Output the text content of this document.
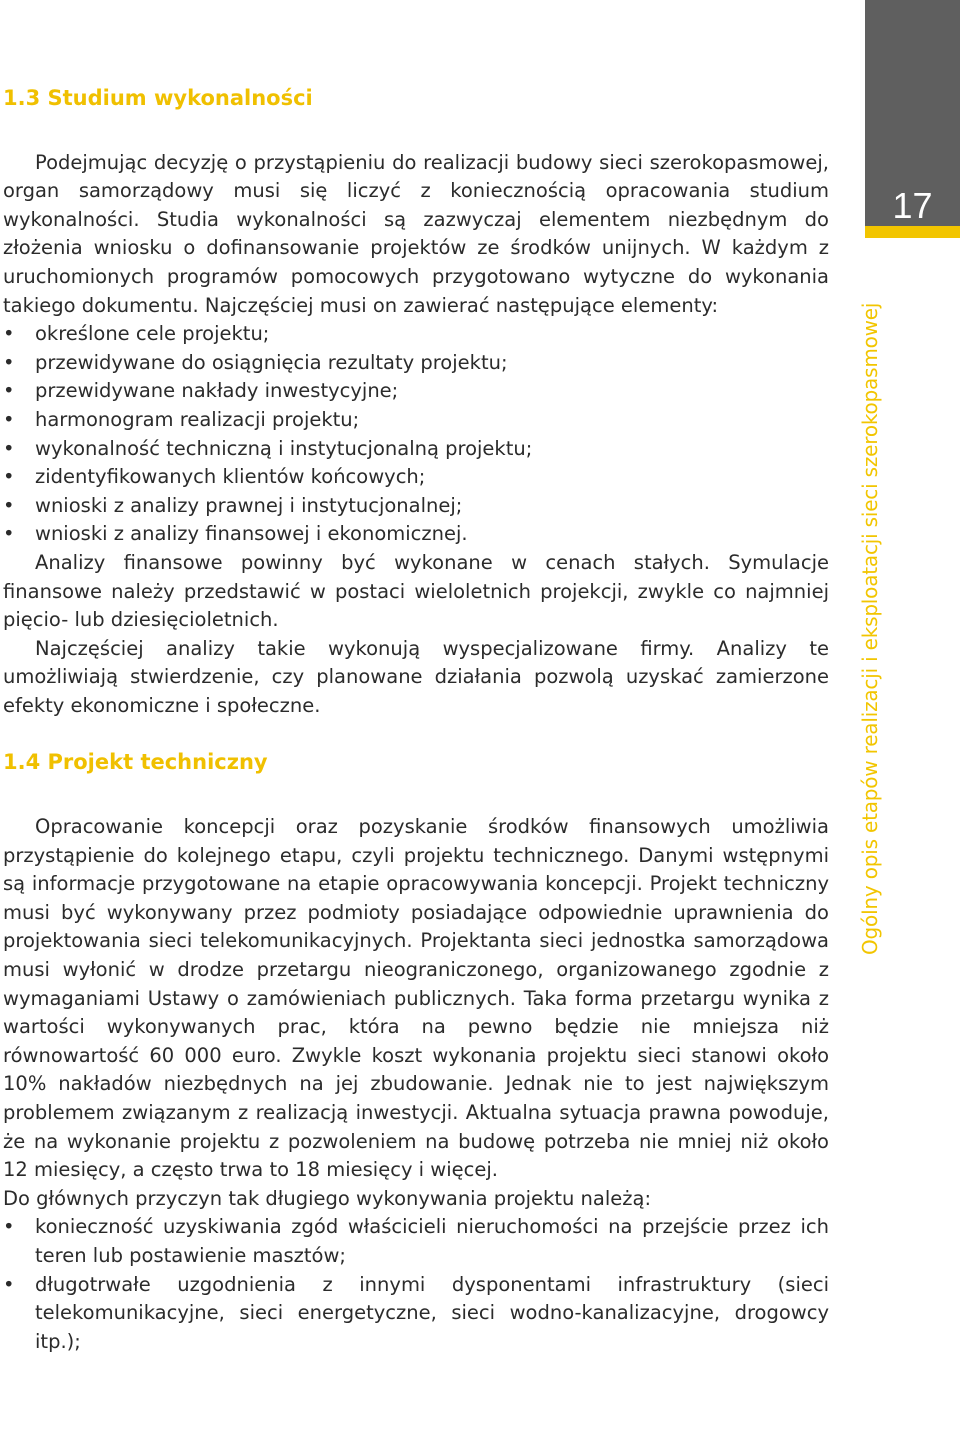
17
Ogólny opis etapów realizacji i eksploatacji sieci szerokopasmowej
1.3 Studium wykonalności

Podejmując decyzję o przystąpieniu do realizacji budowy sieci szerokopasmowej, organ samorządowy musi się liczyć z koniecznością opracowania studium wykonalności. Studia wykonalności są zazwyczaj elementem niezbędnym do złożenia wniosku o dofinansowanie projektów ze środków unijnych. W każdym z uruchomionych programów pomocowych przygotowano wytyczne do wykonania takiego dokumentu. Najczęściej musi on zawierać następujące elementy:

• określone cele projektu;
• przewidywane do osiągnięcia rezultaty projektu;
• przewidywane nakłady inwestycyjne;
• harmonogram realizacji projektu;
• wykonalność techniczną i instytucjonalną projektu;
• zidentyfikowanych klientów końcowych;
• wnioski z analizy prawnej i instytucjonalnej;
• wnioski z analizy finansowej i ekonomicznej.

Analizy finansowe powinny być wykonane w cenach stałych. Symulacje finansowe należy przedstawić w postaci wieloletnich projekcji, zwykle co najmniej pięcio- lub dziesięcioletnich.

Najczęściej analizy takie wykonują wyspecjalizowane firmy. Analizy te umożliwiają stwierdzenie, czy planowane działania pozwolą uzyskać zamierzone efekty ekonomiczne i społeczne.

1.4 Projekt techniczny

Opracowanie koncepcji oraz pozyskanie środków finansowych umożliwia przystąpienie do kolejnego etapu, czyli projektu technicznego. Danymi wstępnymi są informacje przygotowane na etapie opracowywania koncepcji. Projekt techniczny musi być wykonywany przez podmioty posiadające odpowiednie uprawnienia do projektowania sieci telekomunikacyjnych. Projektanta sieci jednostka samorządowa musi wyłonić w drodze przetargu nieograniczonego, organizowanego zgodnie z wymaganiami Ustawy o zamówieniach publicznych. Taka forma przetargu wynika z wartości wykonywanych prac, która na pewno będzie nie mniejsza niż równowartość 60 000 euro. Zwykle koszt wykonania projektu sieci stanowi około 10% nakładów niezbędnych na jej zbudowanie. Jednak nie to jest największym problemem związanym z realizacją inwestycji. Aktualna sytuacja prawna powoduje, że na wykonanie projektu z pozwoleniem na budowę potrzeba nie mniej niż około 12 miesięcy, a często trwa to 18 miesięcy i więcej.

Do głównych przyczyn tak długiego wykonywania projektu należą:

• konieczność uzyskiwania zgód właścicieli nieruchomości na przejście przez ich teren lub postawienie masztów;
• długotrwałe uzgodnienia z innymi dysponentami infrastruktury (sieci telekomunikacyjne, sieci energetyczne, sieci wodno-kanalizacyjne, drogowcy itp.);
